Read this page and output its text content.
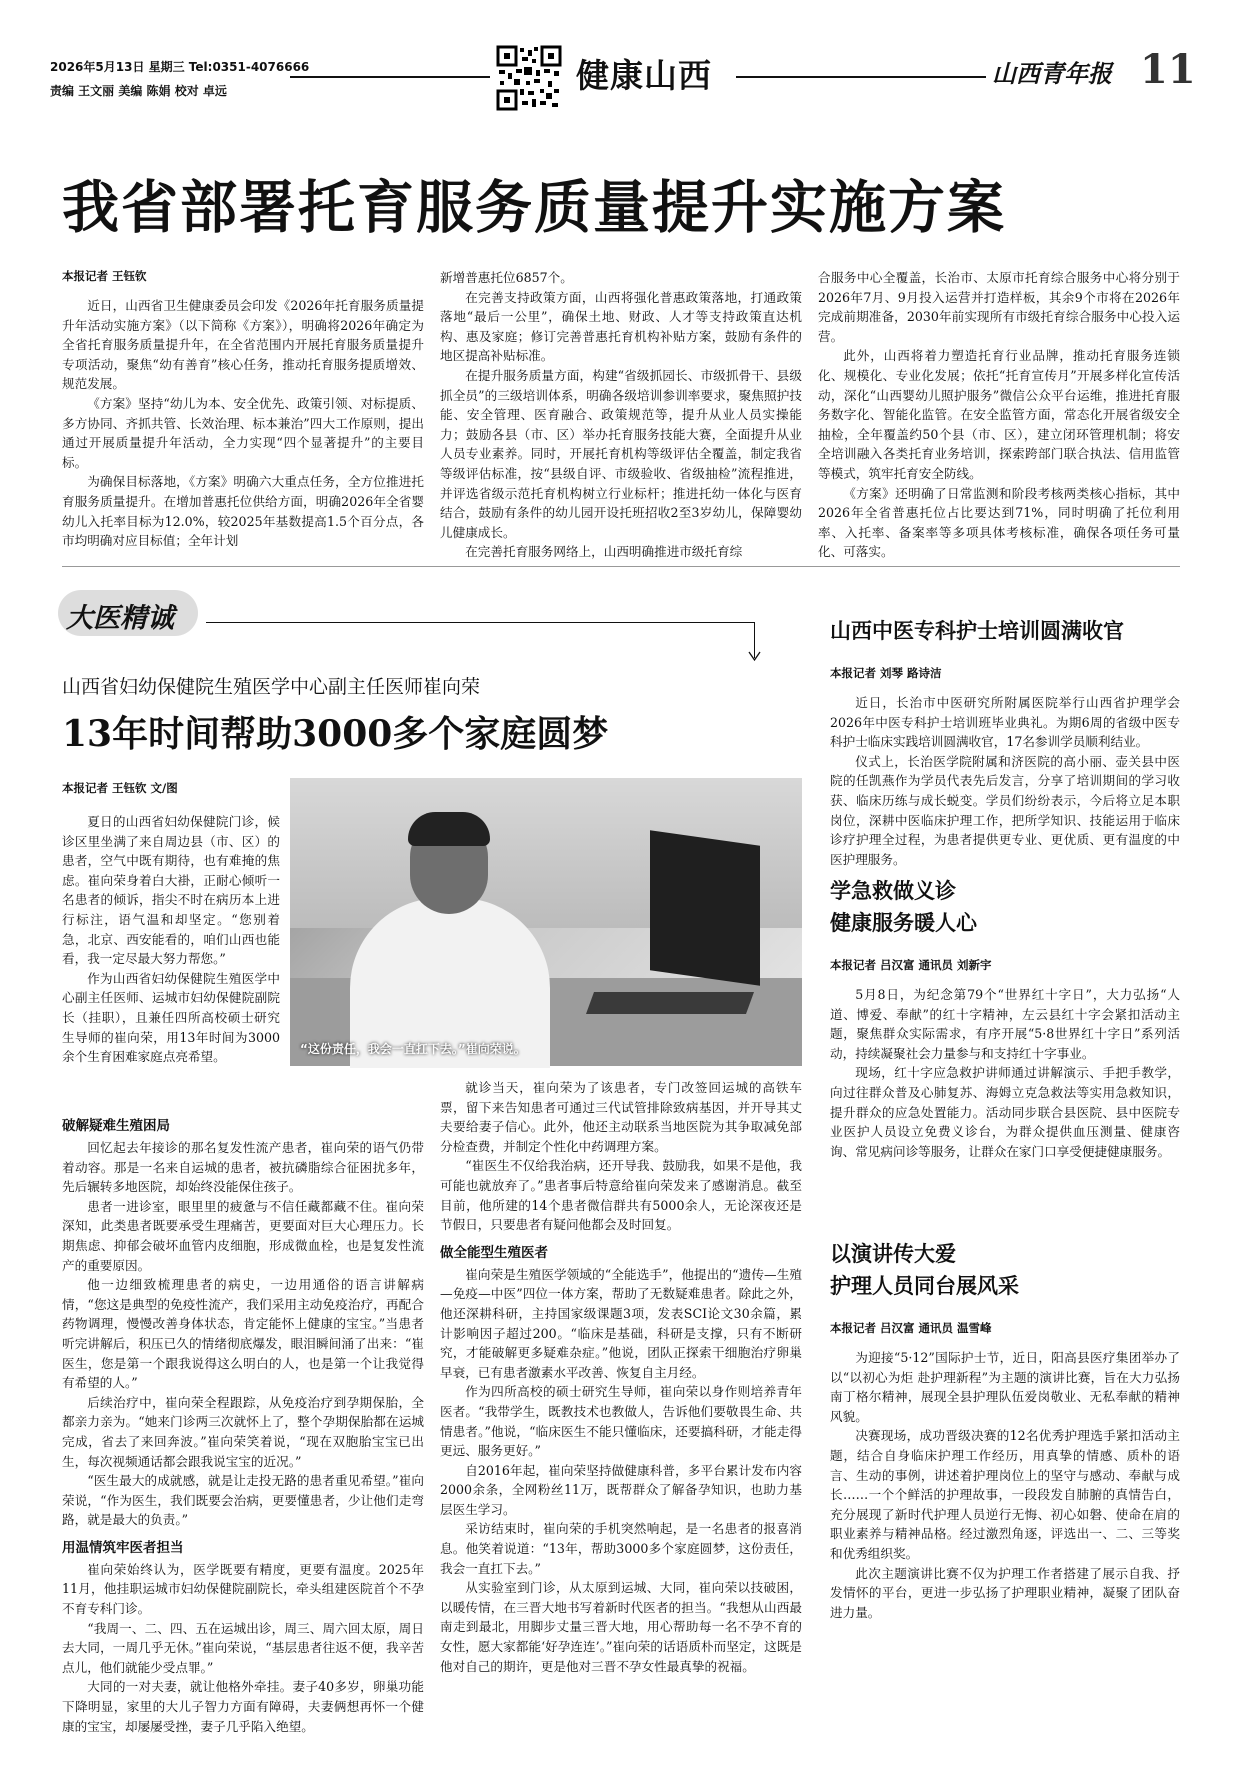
2026年5月13日 星期三 Tel:0351-4076666
责编 王文丽 美编 陈娟 校对 卓远	健康山西	山西青年报 11
我省部署托育服务质量提升实施方案

本报记者 王钰钦

近日，山西省卫生健康委员会印发《2026年托育服务质量提升年活动实施方案》（以下简称《方案》），明确将2026年确定为全省托育服务质量提升年，在全省范围内开展托育服务质量提升专项活动，聚焦“幼有善育”核心任务，推动托育服务提质增效、规范发展。

《方案》坚持“幼儿为本、安全优先、政策引领、对标提质、多方协同、齐抓共管、长效治理、标本兼治”四大工作原则，提出通过开展质量提升年活动，全力实现“四个显著提升”的主要目标。

为确保目标落地，《方案》明确六大重点任务，全方位推进托育服务质量提升。在增加普惠托位供给方面，明确2026年全省婴幼儿入托率目标为12.0%，较2025年基数提高1.5个百分点，各市均明确对应目标值；全年计划

新增普惠托位6857个。

在完善支持政策方面，山西将强化普惠政策落地，打通政策落地“最后一公里”，确保土地、财政、人才等支持政策直达机构、惠及家庭；修订完善普惠托育机构补贴方案，鼓励有条件的地区提高补贴标准。

在提升服务质量方面，构建“省级抓园长、市级抓骨干、县级抓全员”的三级培训体系，明确各级培训参训率要求，聚焦照护技能、安全管理、医育融合、政策规范等，提升从业人员实操能力；鼓励各县（市、区）举办托育服务技能大赛，全面提升从业人员专业素养。同时，开展托育机构等级评估全覆盖，制定我省等级评估标准，按“县级自评、市级验收、省级抽检”流程推进，并评选省级示范托育机构树立行业标杆；推进托幼一体化与医育结合，鼓励有条件的幼儿园开设托班招收2至3岁幼儿，保障婴幼儿健康成长。

在完善托育服务网络上，山西明确推进市级托育综

合服务中心全覆盖，长治市、太原市托育综合服务中心将分别于2026年7月、9月投入运营并打造样板，其余9个市将在2026年完成前期准备，2030年前实现所有市级托育综合服务中心投入运营。

此外，山西将着力塑造托育行业品牌，推动托育服务连锁化、规模化、专业化发展；依托“托育宣传月”开展多样化宣传活动，深化“山西婴幼儿照护服务”微信公众平台运维，推进托育服务数字化、智能化监管。在安全监管方面，常态化开展省级安全抽检，全年覆盖约50个县（市、区），建立闭环管理机制；将安全培训融入各类托育业务培训，探索跨部门联合执法、信用监管等模式，筑牢托育安全防线。

《方案》还明确了日常监测和阶段考核两类核心指标，其中2026年全省普惠托位占比要达到71%，同时明确了托位利用率、入托率、备案率等多项具体考核标准，确保各项任务可量化、可落实。

大医精诚
山西省妇幼保健院生殖医学中心副主任医师崔向荣
13年时间帮助3000多个家庭圆梦
本报记者 王钰钦 文/图

夏日的山西省妇幼保健院门诊，候诊区里坐满了来自周边县（市、区）的患者，空气中既有期待，也有难掩的焦虑。崔向荣身着白大褂，正耐心倾听一名患者的倾诉，指尖不时在病历本上进行标注，语气温和却坚定。“您别着急，北京、西安能看的，咱们山西也能看，我一定尽最大努力帮您。”

作为山西省妇幼保健院生殖医学中心副主任医师、运城市妇幼保健院副院长（挂职），且兼任四所高校硕士研究生导师的崔向荣，用13年时间为3000余个生育困难家庭点亮希望。

“这份责任，我会一直扛下去。”崔向荣说。

破解疑难生殖困局

回忆起去年接诊的那名复发性流产患者，崔向荣的语气仍带着动容。那是一名来自运城的患者，被抗磷脂综合征困扰多年，先后辗转多地医院，却始终没能保住孩子。

患者一进诊室，眼里里的疲惫与不信任藏都藏不住。崔向荣深知，此类患者既要承受生理痛苦，更要面对巨大心理压力。长期焦虑、抑郁会破坏血管内皮细胞，形成微血栓，也是复发性流产的重要原因。

他一边细致梳理患者的病史，一边用通俗的语言讲解病情，“您这是典型的免疫性流产，我们采用主动免疫治疗，再配合药物调理，慢慢改善身体状态，肯定能怀上健康的宝宝。”当患者听完讲解后，积压已久的情绪彻底爆发，眼泪瞬间涌了出来：“崔医生，您是第一个跟我说得这么明白的人，也是第一个让我觉得有希望的人。”

后续治疗中，崔向荣全程跟踪，从免疫治疗到孕期保胎，全都亲力亲为。“她来门诊两三次就怀上了，整个孕期保胎都在运城完成，省去了来回奔波。”崔向荣笑着说，“现在双胞胎宝宝已出生，每次视频通话都会跟我说宝宝的近况。”

“医生最大的成就感，就是让走投无路的患者重见希望。”崔向荣说，“作为医生，我们既要会治病，更要懂患者，少让他们走弯路，就是最大的负责。”

用温情筑牢医者担当

崔向荣始终认为，医学既要有精度，更要有温度。2025年11月，他挂职运城市妇幼保健院副院长，牵头组建医院首个不孕不育专科门诊。

“我周一、二、四、五在运城出诊，周三、周六回太原，周日去大同，一周几乎无休。”崔向荣说，“基层患者往返不便，我辛苦点儿，他们就能少受点罪。”

大同的一对夫妻，就让他格外牵挂。妻子40多岁，卵巢功能下降明显，家里的大儿子智力方面有障碍，夫妻俩想再怀一个健康的宝宝，却屡屡受挫，妻子几乎陷入绝望。

就诊当天，崔向荣为了该患者，专门改签回运城的高铁车票，留下来告知患者可通过三代试管排除致病基因，并开导其丈夫要给妻子信心。此外，他还主动联系当地医院为其争取减免部分检查费，并制定个性化中药调理方案。

“崔医生不仅给我治病，还开导我、鼓励我，如果不是他，我可能也就放弃了。”患者事后特意给崔向荣发来了感谢消息。截至目前，他所建的14个患者微信群共有5000余人，无论深夜还是节假日，只要患者有疑问他都会及时回复。

做全能型生殖医者

崔向荣是生殖医学领域的“全能选手”，他提出的“遗传—生殖—免疫—中医”四位一体方案，帮助了无数疑难患者。除此之外，他还深耕科研，主持国家级课题3项，发表SCI论文30余篇，累计影响因子超过200。“临床是基础，科研是支撑，只有不断研究，才能破解更多疑难杂症。”他说，团队正探索干细胞治疗卵巢早衰，已有患者激素水平改善、恢复自主月经。

作为四所高校的硕士研究生导师，崔向荣以身作则培养青年医者。“我带学生，既教技术也教做人，告诉他们要敬畏生命、共情患者。”他说，“临床医生不能只懂临床，还要搞科研，才能走得更远、服务更好。”

自2016年起，崔向荣坚持做健康科普，多平台累计发布内容2000余条，全网粉丝11万，既帮群众了解备孕知识，也助力基层医生学习。

采访结束时，崔向荣的手机突然响起，是一名患者的报喜消息。他笑着说道：“13年，帮助3000多个家庭圆梦，这份责任，我会一直扛下去。”

从实验室到门诊，从太原到运城、大同，崔向荣以技破困，以暖传情，在三晋大地书写着新时代医者的担当。“我想从山西最南走到最北，用脚步丈量三晋大地，用心帮助每一名不孕不育的女性，愿大家都能‘好孕连连’。”崔向荣的话语质朴而坚定，这既是他对自己的期许，更是他对三晋不孕女性最真挚的祝福。

山西中医专科护士培训圆满收官

本报记者 刘琴 路诗洁

近日，长治市中医研究所附属医院举行山西省护理学会2026年中医专科护士培训班毕业典礼。为期6周的省级中医专科护士临床实践培训圆满收官，17名参训学员顺利结业。

仪式上，长治医学院附属和济医院的高小丽、壶关县中医院的任凯燕作为学员代表先后发言，分享了培训期间的学习收获、临床历练与成长蜕变。学员们纷纷表示，今后将立足本职岗位，深耕中医临床护理工作，把所学知识、技能运用于临床诊疗护理全过程，为患者提供更专业、更优质、更有温度的中医护理服务。

学急救做义诊

健康服务暖人心

本报记者 吕汉富 通讯员 刘新宇

5月8日，为纪念第79个“世界红十字日”，大力弘扬“人道、博爱、奉献”的红十字精神，左云县红十字会紧扣活动主题，聚焦群众实际需求，有序开展“5·8世界红十字日”系列活动，持续凝聚社会力量参与和支持红十字事业。

现场，红十字应急救护讲师通过讲解演示、手把手教学，向过往群众普及心肺复苏、海姆立克急救法等实用急救知识，提升群众的应急处置能力。活动同步联合县医院、县中医院专业医护人员设立免费义诊台，为群众提供血压测量、健康咨询、常见病问诊等服务，让群众在家门口享受便捷健康服务。

以演讲传大爱

护理人员同台展风采

本报记者 吕汉富 通讯员 温雪峰

为迎接“5·12”国际护士节，近日，阳高县医疗集团举办了以“以初心为炬 赴护理新程”为主题的演讲比赛，旨在大力弘扬南丁格尔精神，展现全县护理队伍爱岗敬业、无私奉献的精神风貌。

决赛现场，成功晋级决赛的12名优秀护理选手紧扣活动主题，结合自身临床护理工作经历，用真挚的情感、质朴的语言、生动的事例，讲述着护理岗位上的坚守与感动、奉献与成长……一个个鲜活的护理故事，一段段发自肺腑的真情告白，充分展现了新时代护理人员逆行无悔、初心如磐、使命在肩的职业素养与精神品格。经过激烈角逐，评选出一、二、三等奖和优秀组织奖。

此次主题演讲比赛不仅为护理工作者搭建了展示自我、抒发情怀的平台，更进一步弘扬了护理职业精神，凝聚了团队奋进力量。
